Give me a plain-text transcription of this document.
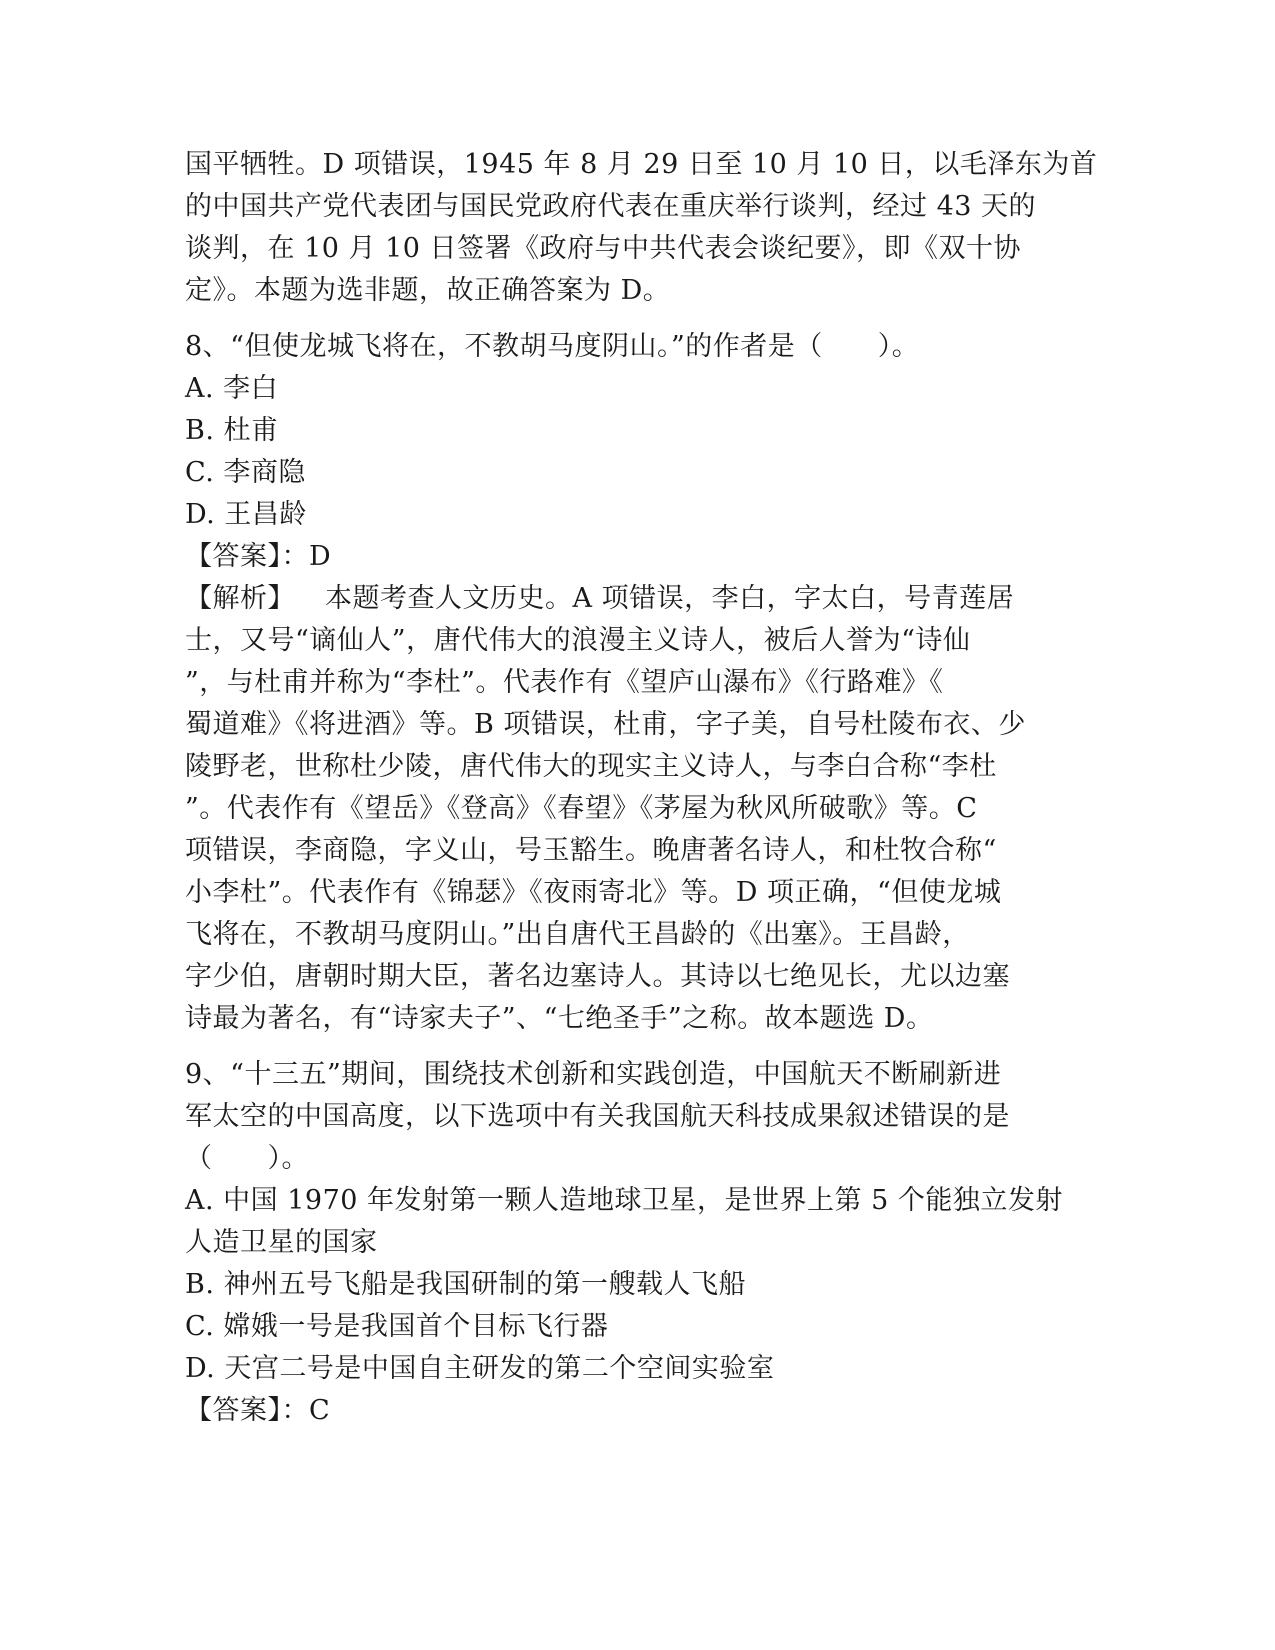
国平牺牲。D 项错误，1945 年 8 月 29 日至 10 月 10 日，以毛泽东为首
的中国共产党代表团与国民党政府代表在重庆举行谈判，经过 43 天的
谈判，在 10 月 10 日签署《政府与中共代表会谈纪要》，即《双十协
定》。本题为选非题，故正确答案为 D。
8、“但使龙城飞将在，不教胡马度阴山。”的作者是（　　）。
A. 李白
B. 杜甫
C. 李商隐
D. 王昌龄
【答案】：D
【解析】 本题考查人文历史。A 项错误，李白，字太白，号青莲居
士，又号“谪仙人”，唐代伟大的浪漫主义诗人，被后人誉为“诗仙
”，与杜甫并称为“李杜”。代表作有《望庐山瀑布》《行路难》《
蜀道难》《将进酒》等。B 项错误，杜甫，字子美，自号杜陵布衣、少
陵野老，世称杜少陵，唐代伟大的现实主义诗人，与李白合称“李杜
”。代表作有《望岳》《登高》《春望》《茅屋为秋风所破歌》等。C
项错误，李商隐，字义山，号玉豁生。晚唐著名诗人，和杜牧合称“
小李杜”。代表作有《锦瑟》《夜雨寄北》等。D 项正确，“但使龙城
飞将在，不教胡马度阴山。”出自唐代王昌龄的《出塞》。王昌龄，
字少伯，唐朝时期大臣，著名边塞诗人。其诗以七绝见长，尤以边塞
诗最为著名，有“诗家夫子”、“七绝圣手”之称。故本题选 D。
9、“十三五”期间，围绕技术创新和实践创造，中国航天不断刷新进
军太空的中国高度，以下选项中有关我国航天科技成果叙述错误的是
（　　）。
A. 中国 1970 年发射第一颗人造地球卫星，是世界上第 5 个能独立发射
人造卫星的国家
B. 神州五号飞船是我国研制的第一艘载人飞船
C. 嫦娥一号是我国首个目标飞行器
D. 天宫二号是中国自主研发的第二个空间实验室
【答案】：C
